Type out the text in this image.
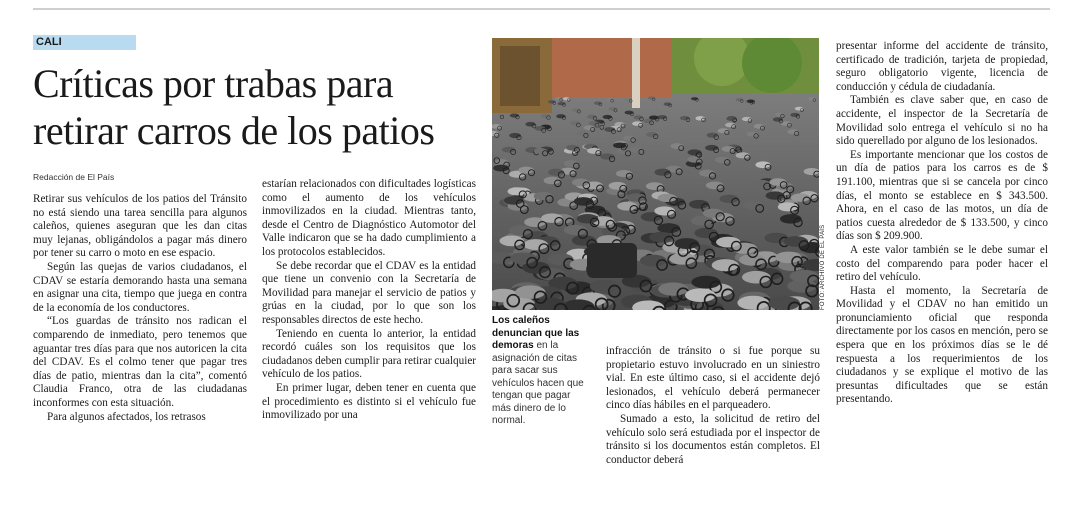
CALI
Críticas por trabas para retirar carros de los patios
Redacción de El País

Retirar sus vehículos de los patios del Tránsito no está siendo una tarea sencilla para algunos caleños, quienes aseguran que les dan citas muy lejanas, obligándolos a pagar más dinero por tener su carro o moto en ese espacio.

Según las quejas de varios ciudadanos, el CDAV se estaría demorando hasta una semana en asignar una cita, tiempo que juega en contra de la economía de los conductores.

“Los guardas de tránsito nos radican el comparendo de inmediato, pero tenemos que aguantar tres días para que nos autoricen la cita del CDAV. Es el colmo tener que pagar tres días de patio, mientras dan la cita”, comentó Claudia Franco, otra de las ciudadanas inconformes con esta situación.

Para algunos afectados, los retrasos

estarían relacionados con dificultades logísticas como el aumento de los vehículos inmovilizados en la ciudad. Mientras tanto, desde el Centro de Diagnóstico Automotor del Valle indicaron que se ha dado cumplimiento a los protocolos establecidos.

Se debe recordar que el CDAV es la entidad que tiene un convenio con la Secretaría de Movilidad para manejar el servicio de patios y grúas en la ciudad, por lo que son los responsables directos de este hecho.

Teniendo en cuenta lo anterior, la entidad recordó cuáles son los requisitos que los ciudadanos deben cumplir para retirar cualquier vehículo de los patios.

En primer lugar, deben tener en cuenta que el procedimiento es distinto si el vehículo fue inmovilizado por una

FOTO: ARCHIVO DE EL PAÍS
Los caleños denuncian que las demoras en la asignación de citas para sacar sus vehículos hacen que tengan que pagar más dinero de lo normal.

infracción de tránsito o si fue porque su propietario estuvo involucrado en un siniestro vial. En este último caso, si el accidente dejó lesionados, el vehículo deberá permanecer cinco días hábiles en el parqueadero.

Sumado a esto, la solicitud de retiro del vehículo solo será estudiada por el inspector de tránsito si los documentos están completos. El conductor deberá

presentar informe del accidente de tránsito, certificado de tradición, tarjeta de propiedad, seguro obligatorio vigente, licencia de conducción y cédula de ciudadanía.

También es clave saber que, en caso de accidente, el inspector de la Secretaría de Movilidad solo entrega el vehículo si no ha sido querellado por alguno de los lesionados.

Es importante mencionar que los costos de un día de patios para los carros es de $ 191.100, mientras que si se cancela por cinco días, el monto se establece en $ 343.500. Ahora, en el caso de las motos, un día de patios cuesta alrededor de $ 133.500, y cinco días son $ 209.900.

A este valor también se le debe sumar el costo del comparendo para poder hacer el retiro del vehículo.

Hasta el momento, la Secretaría de Movilidad y el CDAV no han emitido un pronunciamiento oficial que responda directamente por los casos en mención, pero se espera que en los próximos días se le dé respuesta a los requerimientos de los ciudadanos y se explique el motivo de las presuntas dificultades que se están presentando.
